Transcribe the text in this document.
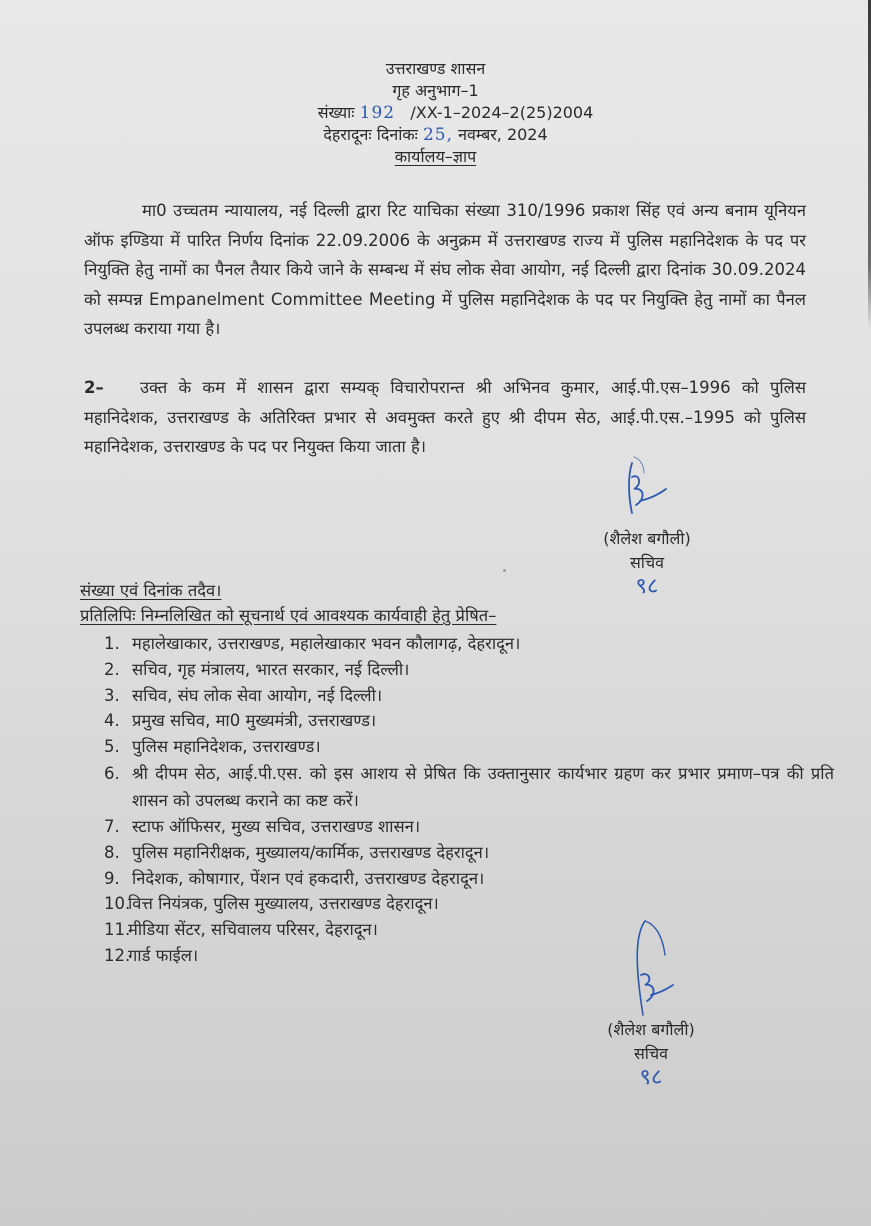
उत्तराखण्ड शासन
गृह अनुभाग–1
संख्याः 192 /XX-1–2024–2(25)2004
देहरादूनः दिनांकः 25, नवम्बर, 2024
कार्यालय–ज्ञाप
मा0 उच्चतम न्यायालय, नई दिल्ली द्वारा रिट याचिका संख्या 310/1996 प्रकाश सिंह एवं अन्य बनाम यूनियन ऑफ इण्डिया में पारित निर्णय दिनांक 22.09.2006 के अनुक्रम में उत्तराखण्ड राज्य में पुलिस महानिदेशक के पद पर नियुक्ति हेतु नामों का पैनल तैयार किये जाने के सम्बन्ध में संघ लोक सेवा आयोग, नई दिल्ली द्वारा दिनांक 30.09.2024 को सम्पन्न Empanelment Committee Meeting में पुलिस महानिदेशक के पद पर नियुक्ति हेतु नामों का पैनल उपलब्ध कराया गया है।
2– उक्त के कम में शासन द्वारा सम्यक् विचारोपरान्त श्री अभिनव कुमार, आई.पी.एस–1996 को पुलिस महानिदेशक, उत्तराखण्ड के अतिरिक्त प्रभार से अवमुक्त करते हुए श्री दीपम सेठ, आई.पी.एस.–1995 को पुलिस महानिदेशक, उत्तराखण्ड के पद पर नियुक्त किया जाता है।
(शैलेश बगौली)
सचिव
९८
संख्या एवं दिनांक तदैव।
प्रतिलिपिः निम्नलिखित को सूचनार्थ एवं आवश्यक कार्यवाही हेतु प्रेषित–
1. महालेखाकार, उत्तराखण्ड, महालेखाकार भवन कौलागढ़, देहरादून।
2. सचिव, गृह मंत्रालय, भारत सरकार, नई दिल्ली।
3. सचिव, संघ लोक सेवा आयोग, नई दिल्ली।
4. प्रमुख सचिव, मा0 मुख्यमंत्री, उत्तराखण्ड।
5. पुलिस महानिदेशक, उत्तराखण्ड।
6. श्री दीपम सेठ, आई.पी.एस. को इस आशय से प्रेषित कि उक्तानुसार कार्यभार ग्रहण कर प्रभार प्रमाण–पत्र की प्रति शासन को उपलब्ध कराने का कष्ट करें।
7. स्टाफ ऑफिसर, मुख्य सचिव, उत्तराखण्ड शासन।
8. पुलिस महानिरीक्षक, मुख्यालय/कार्मिक, उत्तराखण्ड देहरादून।
9. निदेशक, कोषागार, पेंशन एवं हकदारी, उत्तराखण्ड देहरादून।
10.
वित्त नियंत्रक, पुलिस मुख्यालय, उत्तराखण्ड देहरादून।
11.
मीडिया सेंटर, सचिवालय परिसर, देहरादून।
12.
गार्ड फाईल।
(शैलेश बगौली)
सचिव
९८
